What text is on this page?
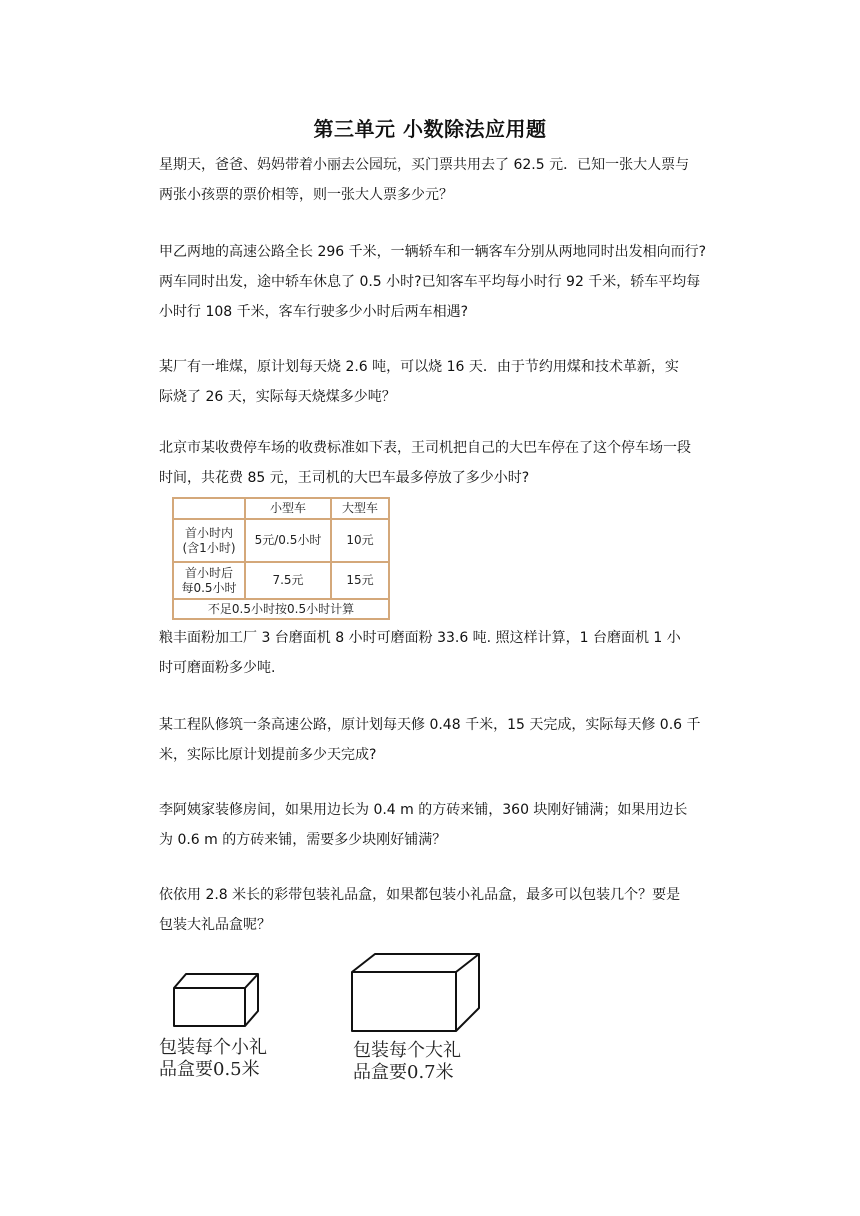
第三单元 小数除法应用题
星期天，爸爸、妈妈带着小丽去公园玩，买门票共用去了 62.5 元．已知一张大人票与
两张小孩票的票价相等，则一张大人票多少元？
甲乙两地的高速公路全长 296 千米，一辆轿车和一辆客车分别从两地同时出发相向而行?
两车同时出发，途中轿车休息了 0.5 小时?已知客车平均每小时行 92 千米，轿车平均每
小时行 108 千米，客车行驶多少小时后两车相遇?
某厂有一堆煤，原计划每天烧 2.6 吨，可以烧 16 天．由于节约用煤和技术革新，实
际烧了 26 天，实际每天烧煤多少吨？
北京市某收费停车场的收费标准如下表，王司机把自己的大巴车停在了这个停车场一段
时间，共花费 85 元，王司机的大巴车最多停放了多少小时?
	小型车	大型车

首小时内
(含1小时)	5元/0.5小时	10元

首小时后
每0.5小时	7.5元	15元
不足0.5小时按0.5小时计算		
粮丰面粉加工厂 3 台磨面机 8 小时可磨面粉 33.6 吨. 照这样计算，1 台磨面机 1 小
时可磨面粉多少吨.
某工程队修筑一条高速公路，原计划每天修 0.48 千米，15 天完成，实际每天修 0.6 千
米，实际比原计划提前多少天完成?
李阿姨家装修房间，如果用边长为 0.4 m 的方砖来铺，360 块刚好铺满；如果用边长
为 0.6 m 的方砖来铺，需要多少块刚好铺满？
依依用 2.8 米长的彩带包装礼品盒，如果都包装小礼品盒，最多可以包装几个？要是
包装大礼品盒呢？
包装每个小礼
品盒要0.5米
包装每个大礼
品盒要0.7米
